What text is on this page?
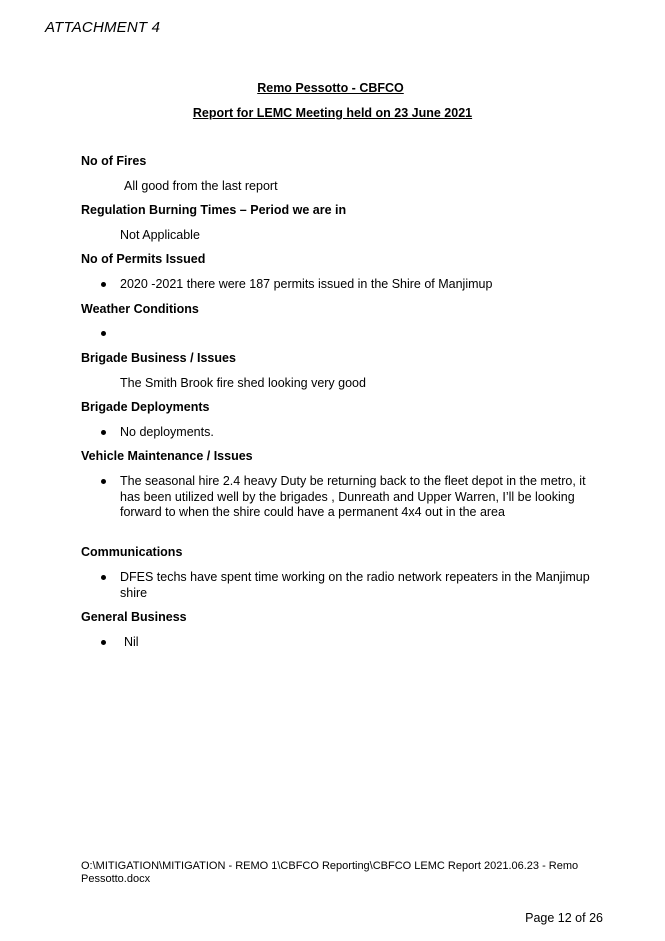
ATTACHMENT 4
Remo Pessotto - CBFCO
Report for LEMC Meeting held on 23 June 2021
No of Fires
All good from the last report
Regulation Burning Times – Period we are in
Not Applicable
No of Permits Issued
2020 -2021 there were 187 permits issued in the Shire of Manjimup
Weather Conditions
Brigade Business / Issues
The Smith Brook fire shed looking very good
Brigade Deployments
No deployments.
Vehicle Maintenance / Issues
The seasonal hire 2.4 heavy Duty be returning back to the fleet depot in the metro, it has been utilized well by the brigades , Dunreath and Upper Warren, I’ll be looking forward to when the shire could have a permanent 4x4 out in the area
Communications
DFES techs have spent time working on the radio network repeaters in the Manjimup shire
General Business
Nil
O:\MITIGATION\MITIGATION - REMO 1\CBFCO Reporting\CBFCO LEMC Report 2021.06.23 - Remo Pessotto.docx
Page 12 of 26
